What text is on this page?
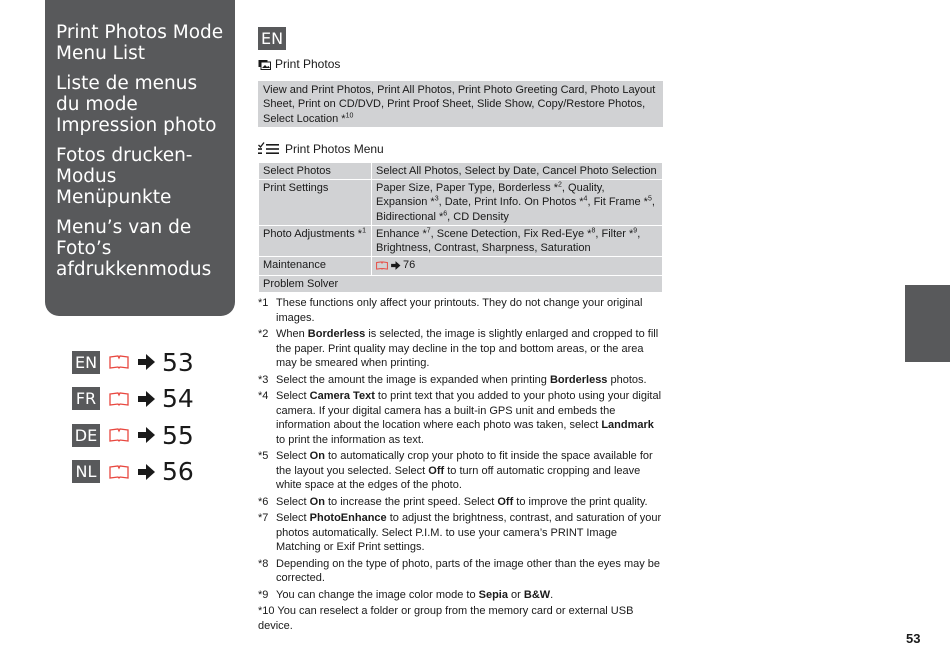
Print Photos Mode Menu List
Liste de menus du mode Impression photo
Fotos drucken-Modus Menüpunkte
Menu’s van de Foto’s afdrukkenmodus
EN	53
FR	54
DE	55
NL	56
EN
Print Photos
View and Print Photos, Print All Photos, Print Photo Greeting Card, Photo Layout Sheet, Print on CD/DVD, Print Proof Sheet, Slide Show, Copy/Restore Photos, Select Location *$^{10}$
Print Photos Menu
Select Photos	Select All Photos, Select by Date, Cancel Photo Selection
Print Settings	Paper Size, Paper Type, Borderless *$^2$, Quality, Expansion *$^3$, Date, Print Info. On Photos *$^4$, Fit Frame *$^5$, Bidirectional *$^6$, CD Density
Photo Adjustments *$^1$	Enhance *$^7$, Scene Detection, Fix Red-Eye *$^8$, Filter *$^9$, Brightness, Contrast, Sharpness, Saturation
Maintenance	76

Problem Solver	
*1 These functions only affect your printouts. They do not change your original images.
*2 When Borderless is selected, the image is slightly enlarged and cropped to fill the paper. Print quality may decline in the top and bottom areas, or the area may be smeared when printing.
*3 Select the amount the image is expanded when printing Borderless photos.
*4 Select Camera Text to print text that you added to your photo using your digital camera. If your digital camera has a built-in GPS unit and embeds the information about the location where each photo was taken, select Landmark to print the information as text.
*5 Select On to automatically crop your photo to fit inside the space available for the layout you selected. Select Off to turn off automatic cropping and leave white space at the edges of the photo.
*6 Select On to increase the print speed. Select Off to improve the print quality.
*7 Select PhotoEnhance to adjust the brightness, contrast, and saturation of your photos automatically. Select P.I.M. to use your camera’s PRINT Image Matching or Exif Print settings.
*8 Depending on the type of photo, parts of the image other than the eyes may be corrected.
*9 You can change the image color mode to Sepia or B&W.
*10 You can reselect a folder or group from the memory card or external USB device.
53
